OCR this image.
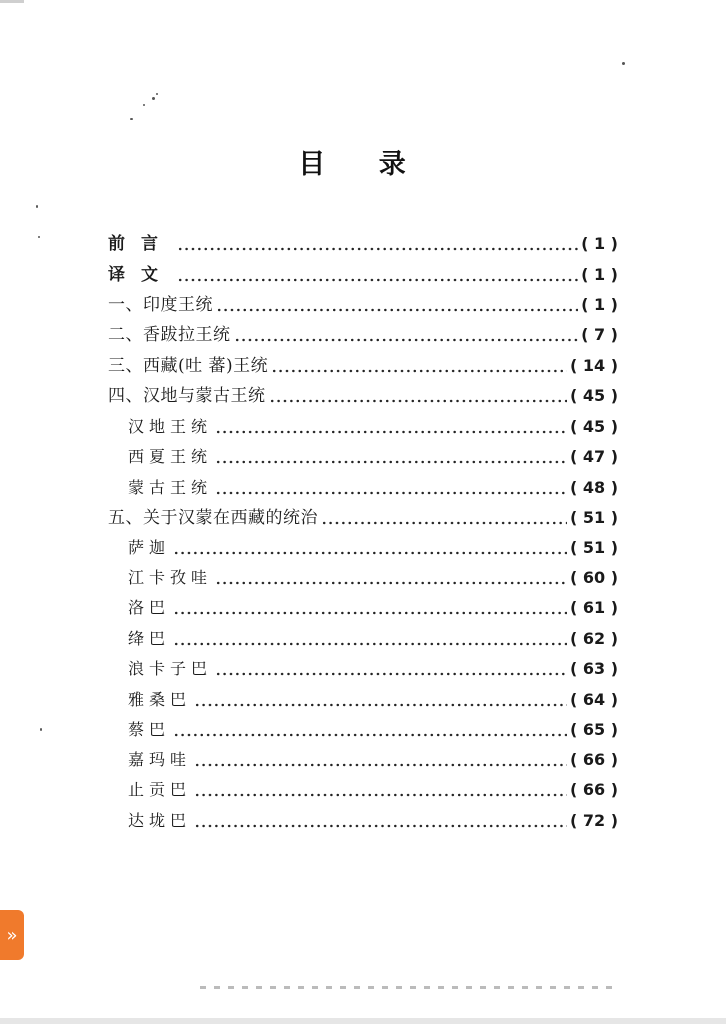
目 录
前言	( 1 )
译文	( 1 )
一、印度王统	( 1 )
二、香跋拉王统	( 7 )
三、西藏(吐 蕃)王统	( 14 )
四、汉地与蒙古王统	( 45 )
汉地王统	( 45 )
西夏王统	( 47 )
蒙古王统	( 48 )
五、关于汉蒙在西藏的统治	( 51 )
萨迦	( 51 )
江卡孜哇	( 60 )
洛巴	( 61 )
绛巴	( 62 )
浪卡子巴	( 63 )
雅桑巴	( 64 )
蔡巴	( 65 )
嘉玛哇	( 66 )
止贡巴	( 66 )
达垅巴	( 72 )
»
